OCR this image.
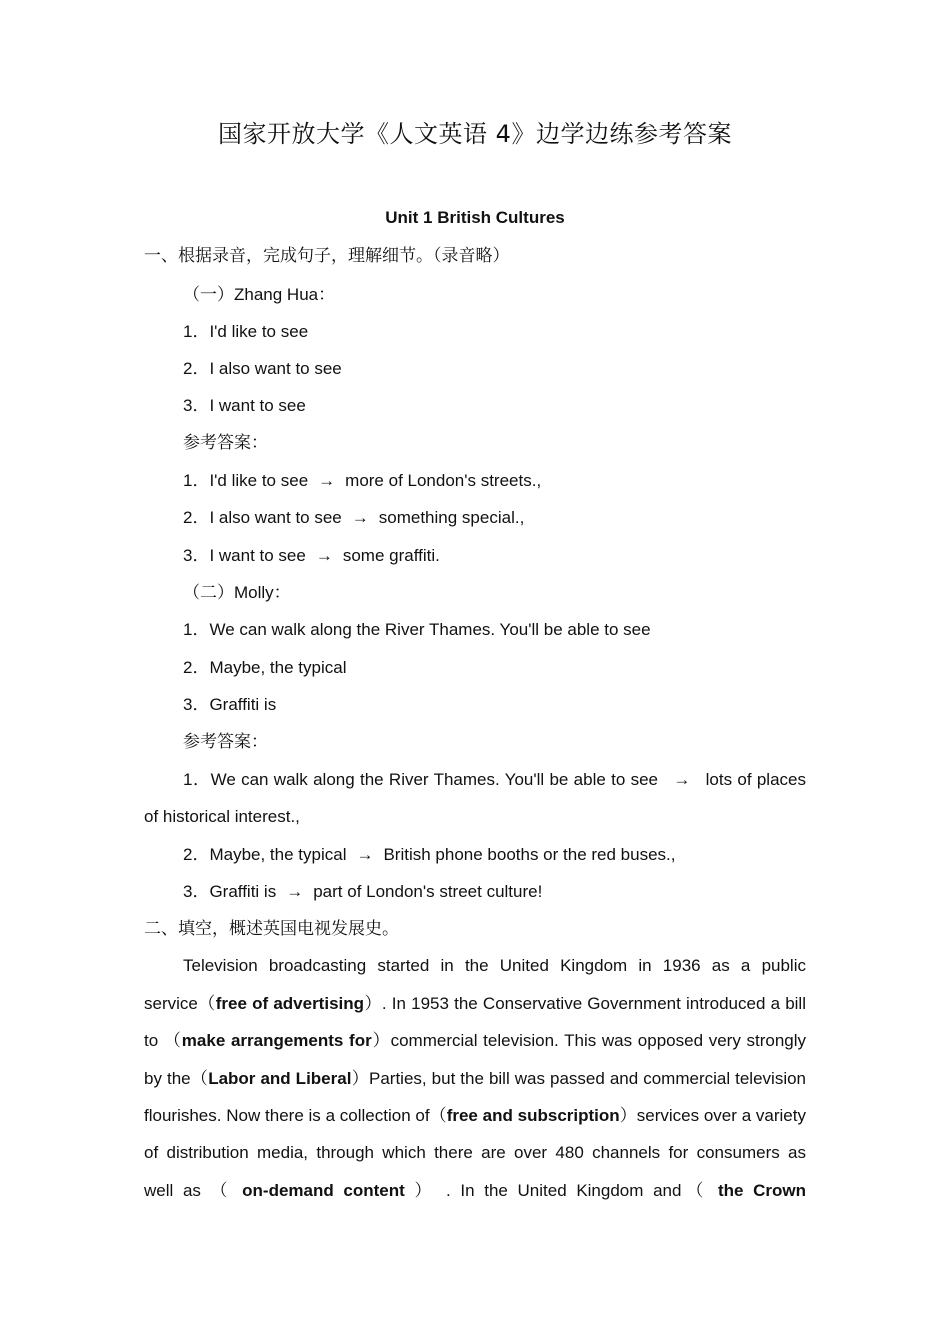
国家开放大学《人文英语 4》边学边练参考答案
Unit 1 British Cultures
一、根据录音，完成句子，理解细节。（录音略）
（一）Zhang Hua：
1．I'd like to see
2．I also want to see
3．I want to see
参考答案：
1．I'd like to see → more of London's streets.,
2．I also want to see → something special.,
3．I want to see → some graffiti.
（二）Molly：
1．We can walk along the River Thames. You'll be able to see
2．Maybe, the typical
3．Graffiti is
参考答案：
1．We can walk along the River Thames. You'll be able to see → lots of places
of historical interest.,
2．Maybe, the typical → British phone booths or the red buses.,
3．Graffiti is → part of London's street culture!
二、填空，概述英国电视发展史。
Television broadcasting started in the United Kingdom in 1936 as a public
service（free of advertising）. In 1953 the Conservative Government introduced a bill
to （make arrangements for）commercial television. This was opposed very strongly
by the（Labor and Liberal）Parties, but the bill was passed and commercial television
flourishes. Now there is a collection of（free and subscription）services over a variety
of distribution media, through which there are over 480 channels for consumers as
well as （ on-demand content ） . In the United Kingdom and（ the Crown
